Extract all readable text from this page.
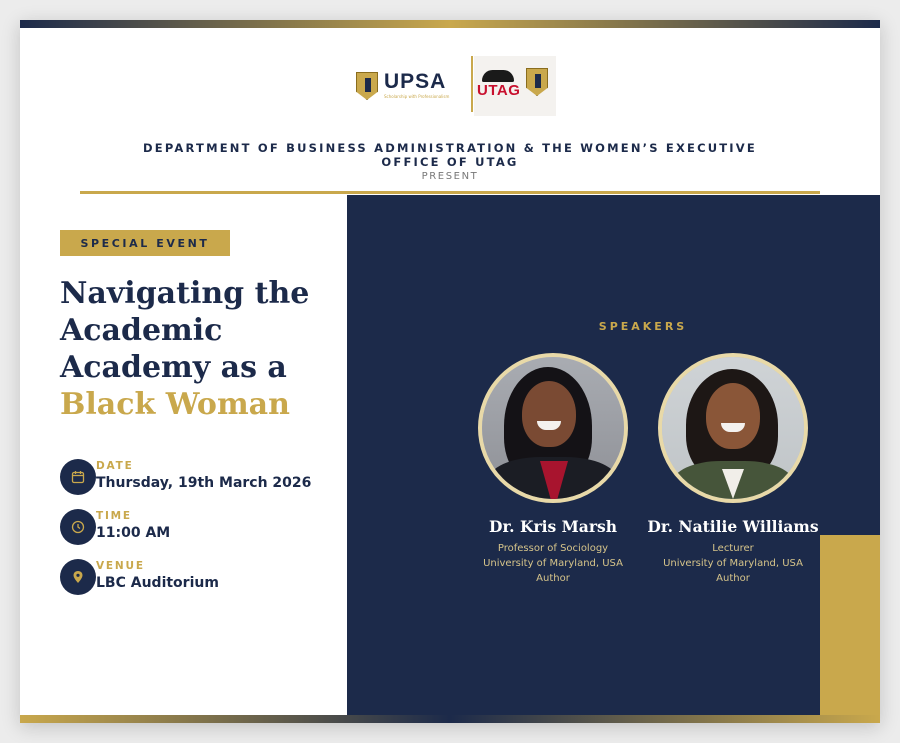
UPSA
Scholarship with Professionalism UTAG
DEPARTMENT OF BUSINESS ADMINISTRATION & THE WOMEN’S EXECUTIVE OFFICE OF UTAG
PRESENT
SPECIAL EVENT
Navigating the Academic Academy as a Black Woman
DATE
Thursday, 19th March 2026
TIME
11:00 AM
VENUE
LBC Auditorium
SPEAKERS
Dr. Kris Marsh
Professor of Sociology
University of Maryland, USA
Author
Dr. Natilie Williams
Lecturer
University of Maryland, USA
Author
